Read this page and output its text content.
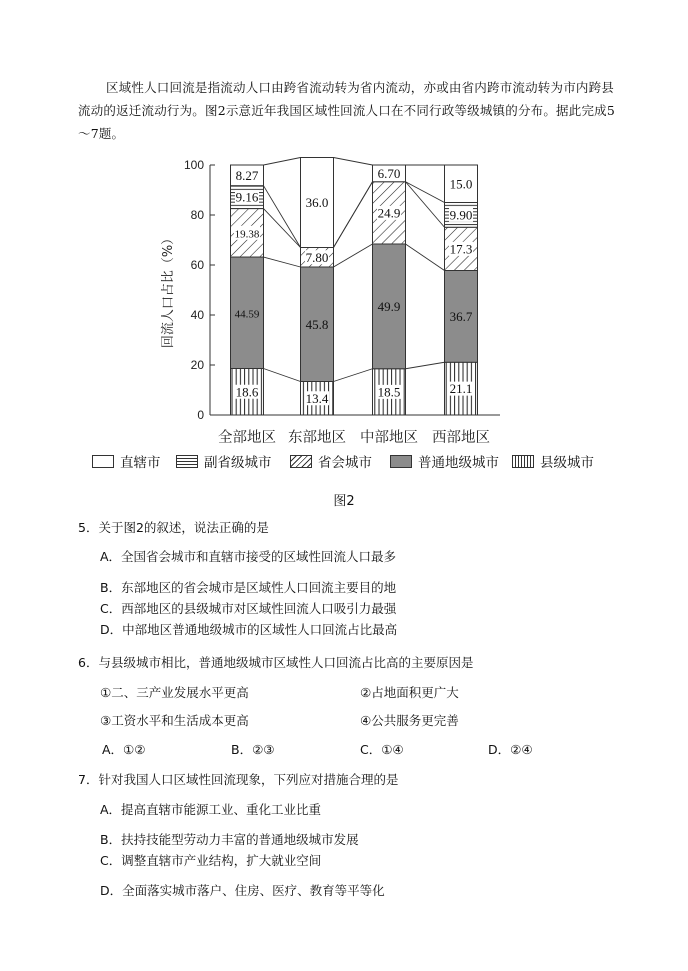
区域性人口回流是指流动人口由跨省流动转为省内流动，亦或由省内跨市流动转为市内跨县流动的返迁流动行为。图2示意近年我国区域性回流人口在不同行政等级城镇的分布。据此完成5～7题。

0
20
40
60
80
100
回流人口占比（%）
18.6
44.59
19.38
9.16
8.27
全部地区
13.4
45.8
7.80
36.0
东部地区
18.5
49.9
24.9
6.70
中部地区
21.1
36.7
17.3
9.90
15.0
西部地区
直辖市	副省级城市	省会城市	普通地级城市	县级城市
图2
5．关于图2的叙述，说法正确的是
A．全国省会城市和直辖市接受的区域性回流人口最多
B．东部地区的省会城市是区域性人口回流主要目的地
C．西部地区的县级城市对区域性回流人口吸引力最强
D．中部地区普通地级城市的区域性人口回流占比最高
6．与县级城市相比，普通地级城市区域性人口回流占比高的主要原因是
①二、三产业发展水平更高	②占地面积更广大
③工资水平和生活成本更高	④公共服务更完善
A．①②	B．②③	C．①④	D．②④
7．针对我国人口区域性回流现象，下列应对措施合理的是
A．提高直辖市能源工业、重化工业比重
B．扶持技能型劳动力丰富的普通地级城市发展
C．调整直辖市产业结构，扩大就业空间
D．全面落实城市落户、住房、医疗、教育等平等化
